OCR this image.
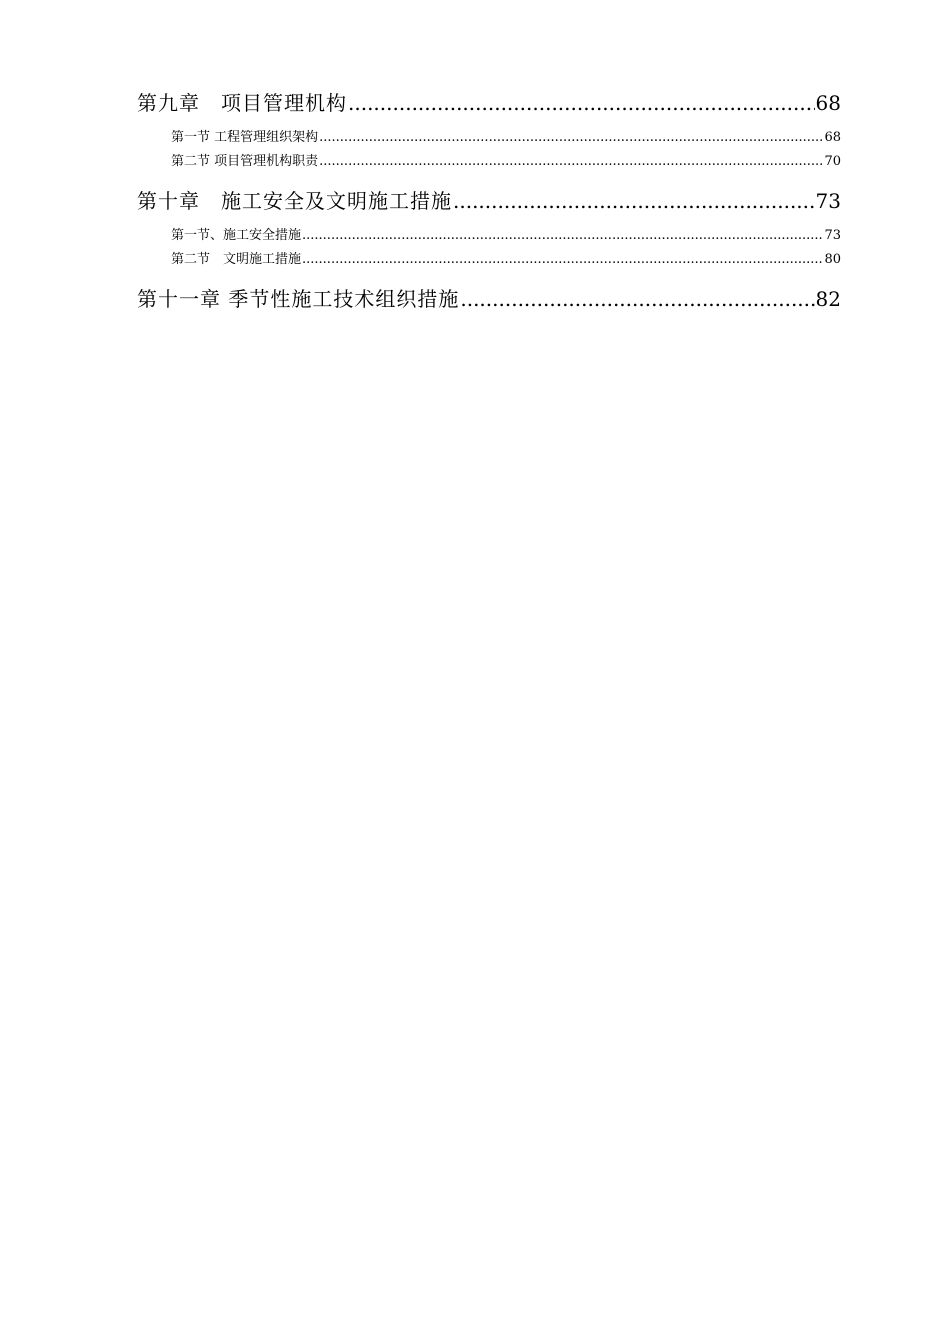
第九章　项目管理机构 .....	68
第一节 工程管理组织架构 .....	68
第二节 项目管理机构职责 .....	70
第十章　施工安全及文明施工措施 .....	73
第一节、施工安全措施 .....	73
第二节　文明施工措施 .....	80
第十一章 季节性施工技术组织措施 .....	82
